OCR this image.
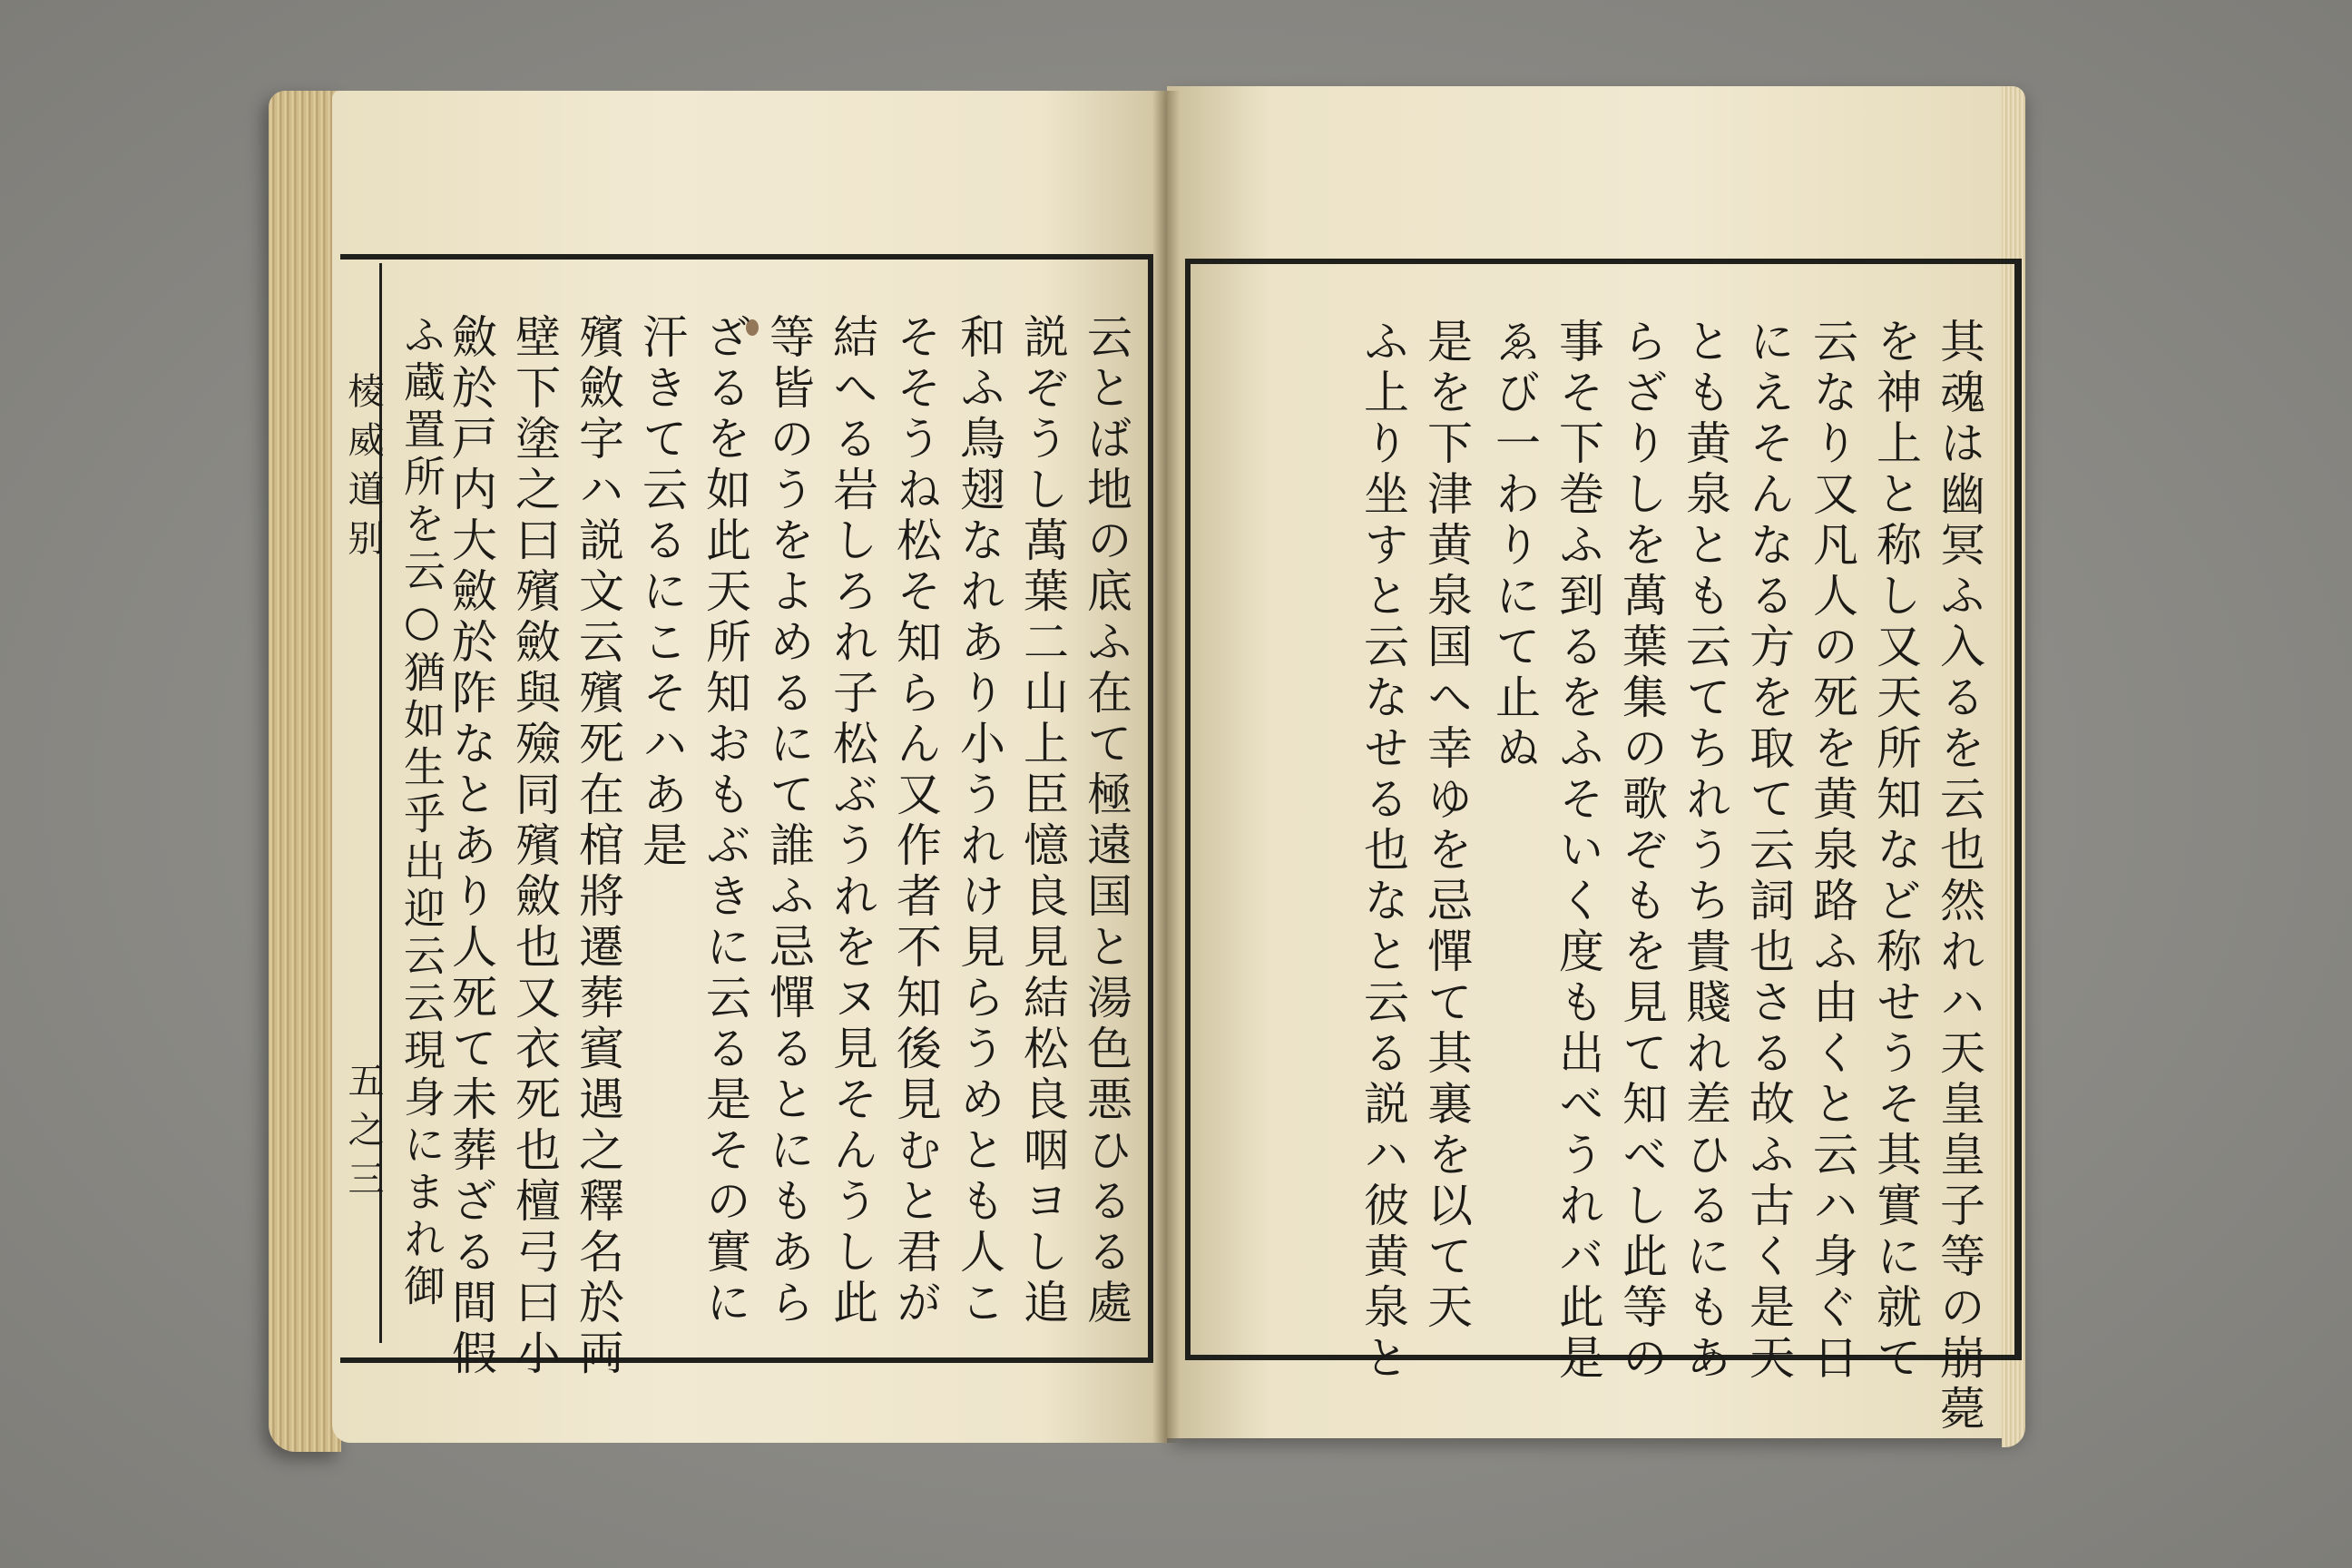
棱威道别
五之三	云とば地の底ふ在て極遠国と湯色悪ひるる處
説ぞうし萬葉二山上臣憶良見結松良咽ヨし追
和ふ鳥翅なれあり小うれけ見らうめとも人こ
そそうね松そ知らん又作者不知後見むと君が
結へる岩しろれ子松ぶうれをヌ見そんうし此
等皆のうをよめるにて誰ふ忌憚るとにもあら
ざるを如此天所知おもぶきに云る是その實に
汗きて云るにこそハあ是
殯斂字ハ説文云殯死在棺將遷葬賓遇之釋名於両
壁下塗之曰殯斂與殮同殯斂也又衣死也檀弓曰小
斂於戸内大斂於阼なとあり人死て未葬ざる間假
ふ蔵置所を云○猶如生乎出迎云云現身にまれ御	其魂は幽冥ふ入るを云也然れハ天皇皇子等の崩薨
を神上と称し又天所知など称せうそ其實に就て
云なり又凡人の死を黄泉路ふ由くと云ハ身ぐ日
にえそんなる方を取て云詞也さる故ふ古く是天
とも黄泉とも云てちれうち貴賤れ差ひるにもあ
らざりしを萬葉集の歌ぞもを見て知べし此等の
事そ下巻ふ到るをふそいく度も出べうれバ此是
ゑび一わりにて止ぬ
是を下津黄泉国へ幸ゆを忌憚て其裏を以て天
ふ上り坐すと云なせる也なと云る説ハ彼黄泉と
